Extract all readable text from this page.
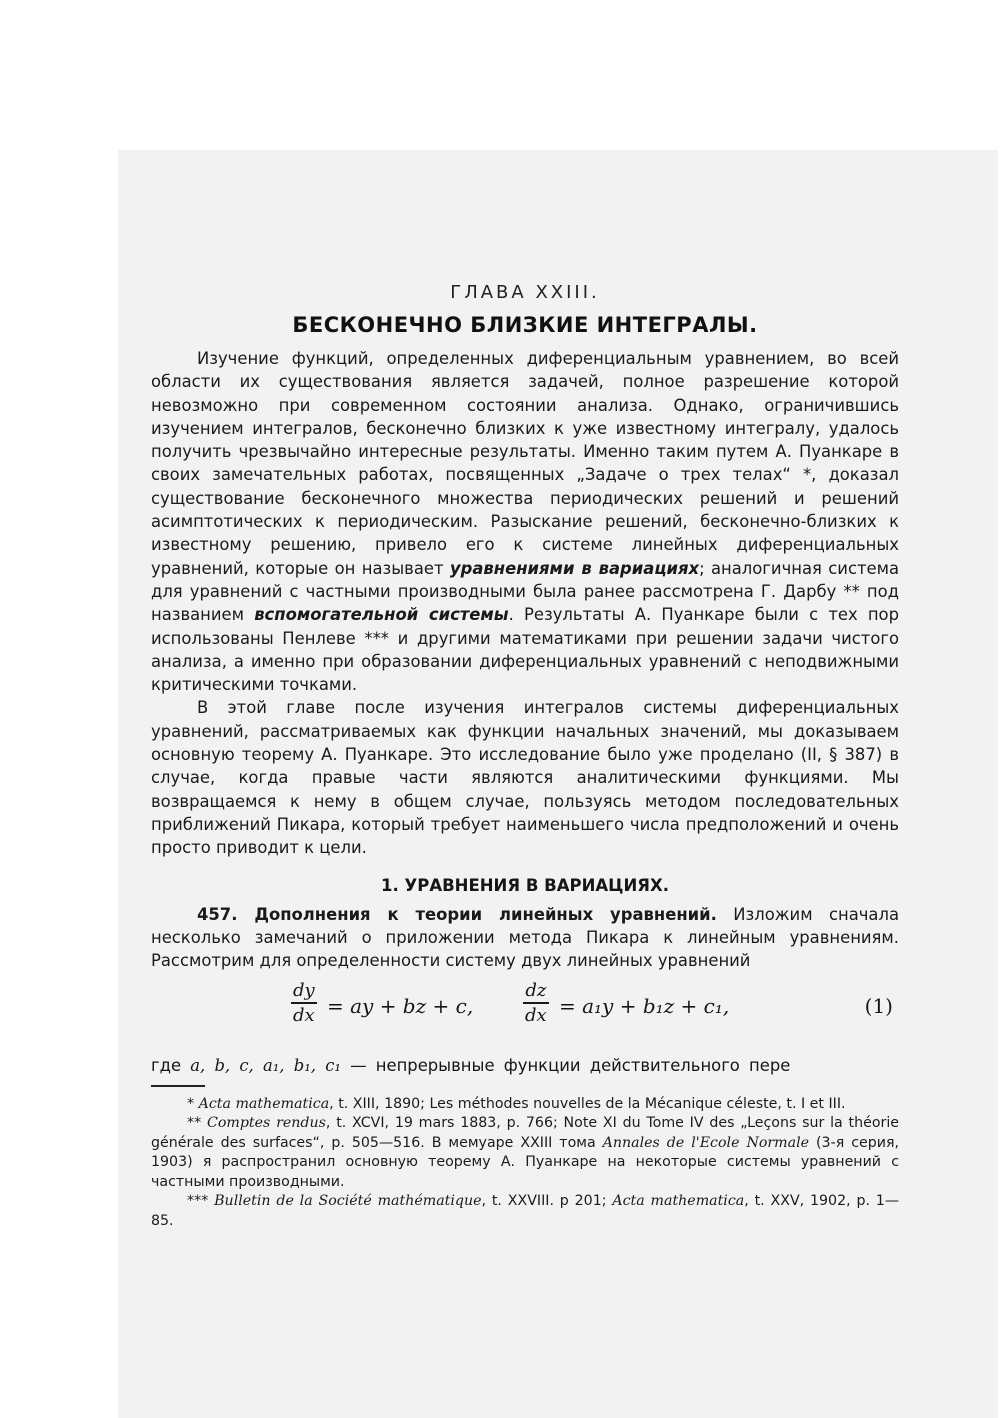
ГЛАВА XXIII.
БЕСКОНЕЧНО БЛИЗКИЕ ИНТЕГРАЛЫ.

Изучение функций, определенных диференциальным уравнением, во всей области их существования является задачей, полное разрешение которой невозможно при современном состоянии анализа. Однако, ограничившись изучением интегралов, бесконечно близких к уже известному интегралу, удалось получить чрезвычайно интересные результаты. Именно таким путем А. Пуанкаре в своих замечательных работах, посвященных „Задаче о трех телах“ *, доказал существование бесконечного множества периодических решений и решений асимптотических к периодическим. Разыскание решений, бесконечно-близких к известному решению, привело его к системе линейных диференциальных уравнений, которые он называет уравнениями в вариациях; аналогичная система для уравнений с частными производными была ранее рассмотрена Г. Дарбу ** под названием вспомогательной системы. Результаты А. Пуанкаре были с тех пор использованы Пенлеве *** и другими математиками при решении задачи чистого анализа, а именно при образовании диференциальных уравнений с неподвижными критическими точками.

В этой главе после изучения интегралов системы диференциальных уравнений, рассматриваемых как функции начальных значений, мы доказываем основную теорему А. Пуанкаре. Это исследование было уже проделано (II, § 387) в случае, когда правые части являются аналитическими функциями. Мы возвращаемся к нему в общем случае, пользуясь методом последовательных приближений Пикара, который требует наименьшего числа предположений и очень просто приводит к цели.

1. УРАВНЕНИЯ В ВАРИАЦИЯХ.

457. Дополнения к теории линейных уравнений. Изложим сначала несколько замечаний о приложении метода Пикара к линейным уравнениям. Рассмотрим для определенности систему двух линейных уравнений

dy
dx = ay + bz + c,
dz
dx = a₁y + b₁z + c₁,	(1)
где a, b, c, a₁, b₁, c₁ — непрерывные функции действительного пере

* Acta mathematica, t. XIII, 1890; Les méthodes nouvelles de la Mécanique céleste, t. I et III.

** Comptes rendus, t. XCVI, 19 mars 1883, p. 766; Note XI du Tome IV des „Leçons sur la théorie générale des surfaces“, p. 505—516. В мемуаре XXIII тома Annales de l'Ecole Normale (3-я серия, 1903) я распространил основную теорему А. Пуанкаре на некоторые системы уравнений с частными производными.

*** Bulletin de la Société mathématique, t. XXVIII. p 201; Acta mathematica, t. XXV, 1902, p. 1—85.
